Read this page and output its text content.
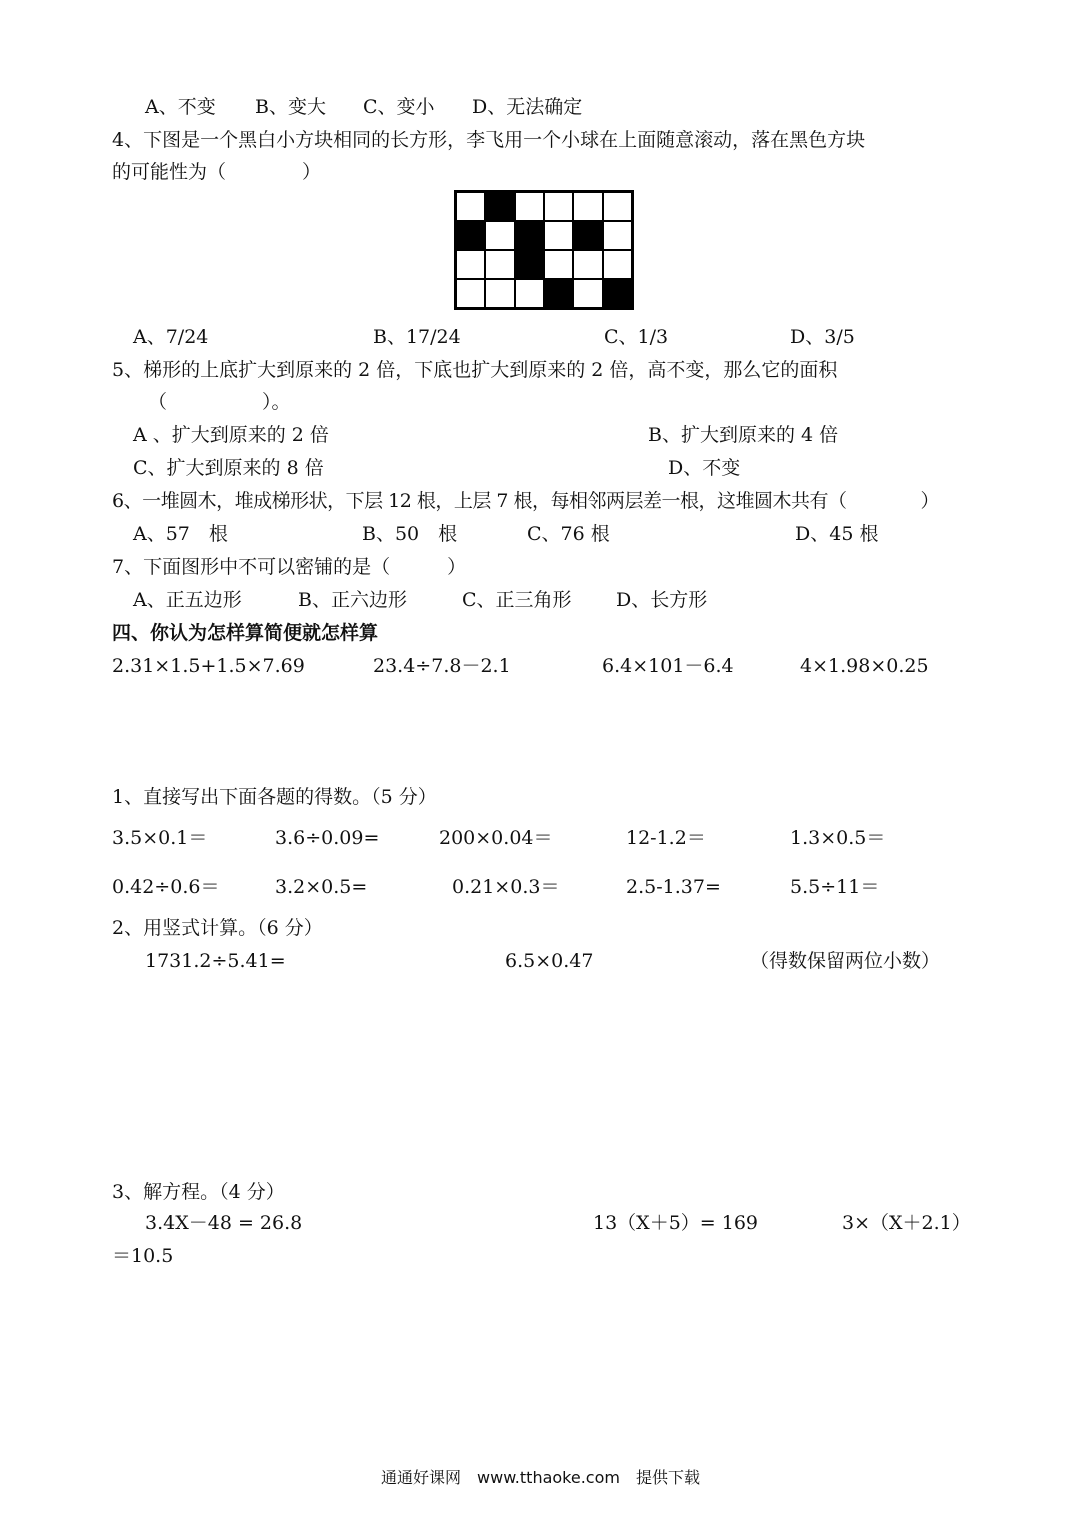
A、不变 B、变大 C、变小 D、无法确定
4、下图是一个黑白小方块相同的长方形，李飞用一个小球在上面随意滚动，落在黑色方块
的可能性为（　　　　）
A、7/24	B、17/24	C、1/3	D、3/5
5、梯形的上底扩大到原来的 2 倍，下底也扩大到原来的 2 倍，高不变，那么它的面积
（　　　　　）。
A 、扩大到原来的 2 倍	B、扩大到原来的 4 倍
C、扩大到原来的 8 倍	D、不变
6、一堆圆木，堆成梯形状，下层 12 根，上层 7 根，每相邻两层差一根，这堆圆木共有（　　　　）
A、57　根	B、50　根	C、76 根	D、45 根
7、下面图形中不可以密铺的是（　　　）
A、正五边形	B、正六边形	C、正三角形 D、长方形
四、你认为怎样算简便就怎样算
2.31×1.5+1.5×7.69	23.4÷7.8－2.1	6.4×101－6.4	4×1.98×0.25
1、直接写出下面各题的得数。（5 分）
3.5×0.1＝	3.6÷0.09=	200×0.04＝	12-1.2＝	1.3×0.5＝
0.42÷0.6＝	3.2×0.5=	0.21×0.3＝	2.5-1.37=	5.5÷11＝
2、用竖式计算。（6 分）
1731.2÷5.41=	6.5×0.47	（得数保留两位小数）
3、解方程。（4 分）
3.4X－48 = 26.8	13（X＋5）= 169	3×（X＋2.1）
＝10.5
通通好课网　www.tthaoke.com　提供下载
